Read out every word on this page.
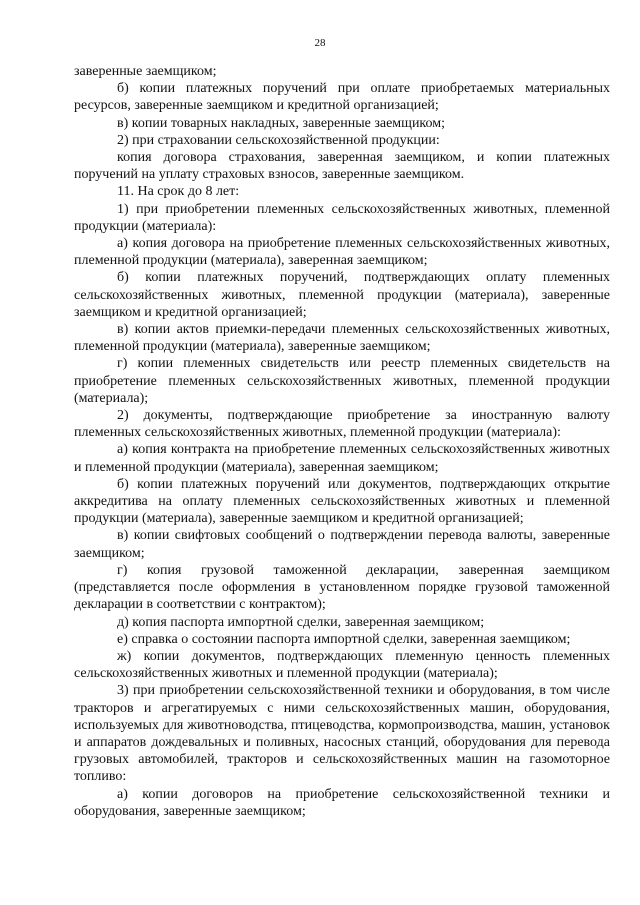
28

заверенные заемщиком;

б) копии платежных поручений при оплате приобретаемых материальных ресурсов, заверенные заемщиком и кредитной организацией;

в) копии товарных накладных, заверенные заемщиком;

2) при страховании сельскохозяйственной продукции:

копия договора страхования, заверенная заемщиком, и копии платежных поручений на уплату страховых взносов, заверенные заемщиком.

11. На срок до 8 лет:

1) при приобретении племенных сельскохозяйственных животных, племенной продукции (материала):

а) копия договора на приобретение племенных сельскохозяйственных животных, племенной продукции (материала), заверенная заемщиком;

б) копии платежных поручений, подтверждающих оплату племенных сельскохозяйственных животных, племенной продукции (материала), заверенные заемщиком и кредитной организацией;

в) копии актов приемки-передачи племенных сельскохозяйственных животных, племенной продукции (материала), заверенные заемщиком;

г) копии племенных свидетельств или реестр племенных свидетельств на приобретение племенных сельскохозяйственных животных, племенной продукции (материала);

2) документы, подтверждающие приобретение за иностранную валюту племенных сельскохозяйственных животных, племенной продукции (материала):

а) копия контракта на приобретение племенных сельскохозяйственных животных и племенной продукции (материала), заверенная заемщиком;

б) копии платежных поручений или документов, подтверждающих открытие аккредитива на оплату племенных сельскохозяйственных животных и племенной продукции (материала), заверенные заемщиком и кредитной организацией;

в) копии свифтовых сообщений о подтверждении перевода валюты, заверенные заемщиком;

г) копия грузовой таможенной декларации, заверенная заемщиком (представляется после оформления в установленном порядке грузовой таможенной декларации в соответствии с контрактом);

д) копия паспорта импортной сделки, заверенная заемщиком;

е) справка о состоянии паспорта импортной сделки, заверенная заемщиком;

ж) копии документов, подтверждающих племенную ценность племенных сельскохозяйственных животных и племенной продукции (материала);

3) при приобретении сельскохозяйственной техники и оборудования, в том числе тракторов и агрегатируемых с ними сельскохозяйственных машин, оборудования, используемых для животноводства, птицеводства, кормопроизводства, машин, установок и аппаратов дождевальных и поливных, насосных станций, оборудования для перевода грузовых автомобилей, тракторов и сельскохозяйственных машин на газомоторное топливо:

а) копии договоров на приобретение сельскохозяйственной техники и оборудования, заверенные заемщиком;
